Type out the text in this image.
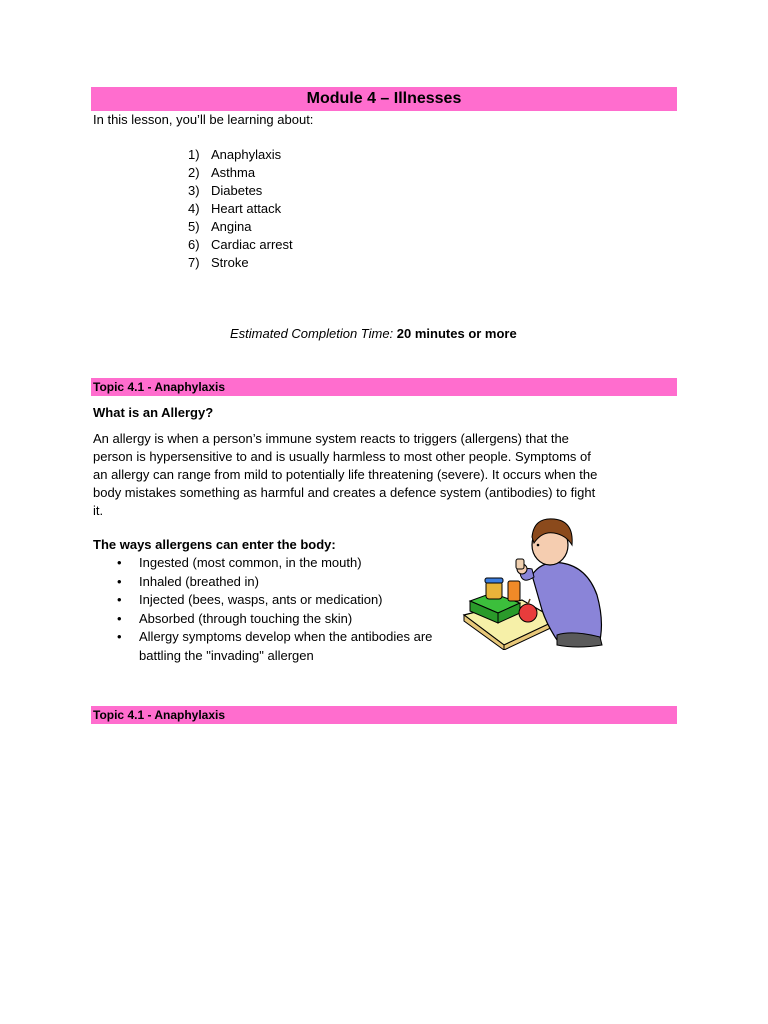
Module 4 – Illnesses
In this lesson, you’ll be learning about:
1) Anaphylaxis
2) Asthma
3) Diabetes
4) Heart attack
5) Angina
6) Cardiac arrest
7) Stroke
Estimated Completion Time: 20 minutes or more
Topic 4.1 - Anaphylaxis
What is an Allergy?
An allergy is when a person’s immune system reacts to triggers (allergens) that the person is hypersensitive to and is usually harmless to most other people. Symptoms of an allergy can range from mild to potentially life threatening (severe). It occurs when the body mistakes something as harmful and creates a defence system (antibodies) to fight it.
The ways allergens can enter the body:
• Ingested (most common, in the mouth)
• Inhaled (breathed in)
• Injected (bees, wasps, ants or medication)
• Absorbed (through touching the skin)
• Allergy symptoms develop when the antibodies are battling the "invading" allergen
Topic 4.1 - Anaphylaxis
